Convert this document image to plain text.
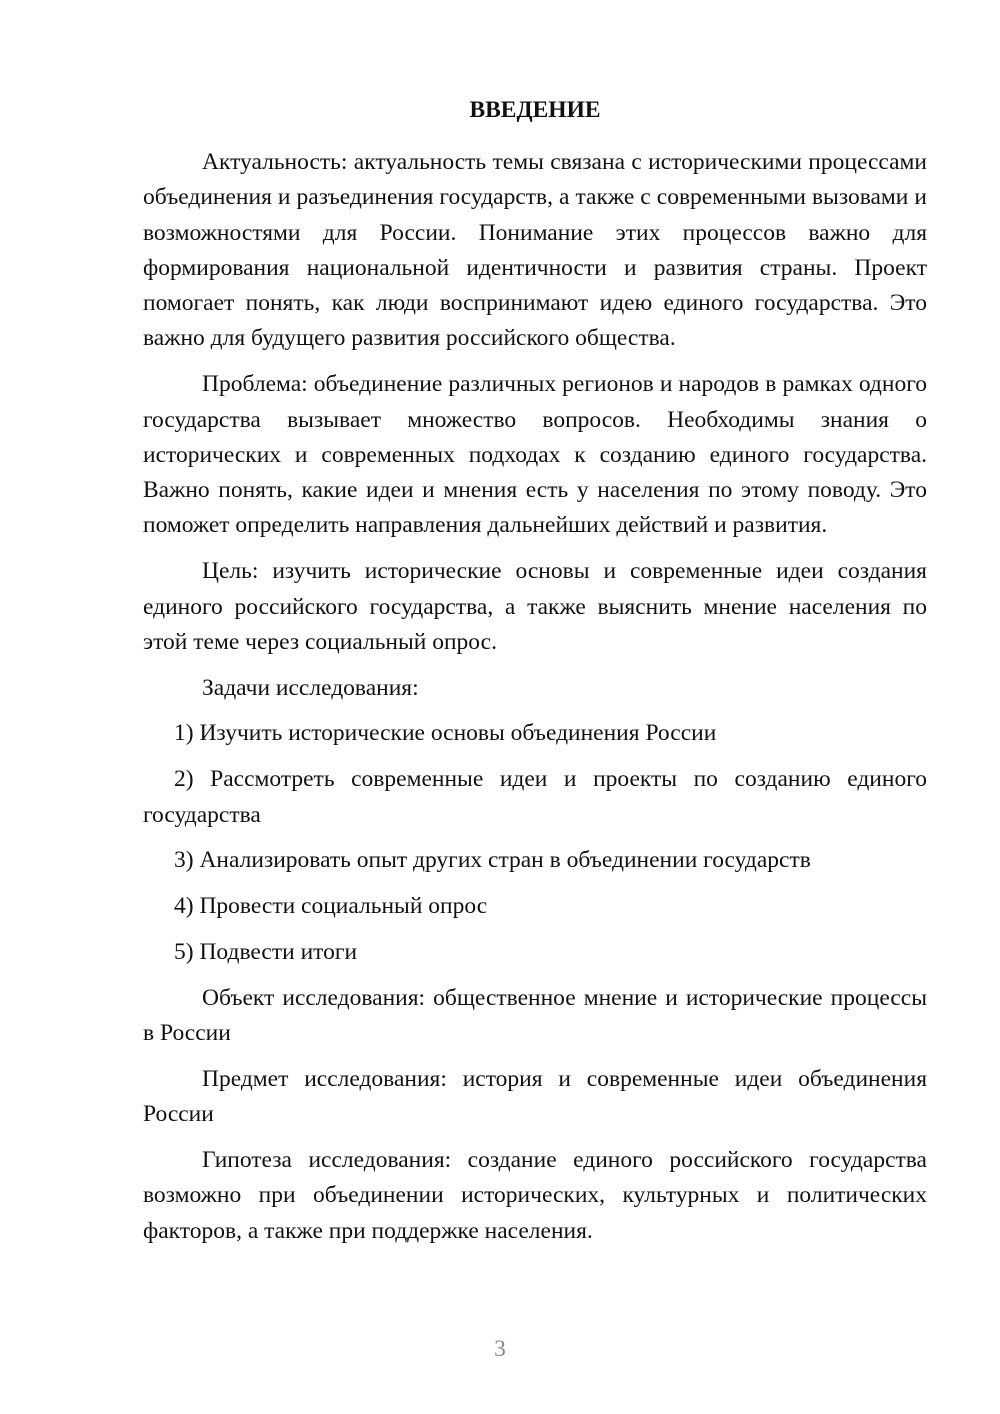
ВВЕДЕНИЕ

Актуальность: актуальность темы связана с историческими процессами объединения и разъединения государств, а также с современными вызовами и возможностями для России. Понимание этих процессов важно для формирования национальной идентичности и развития страны. Проект помогает понять, как люди воспринимают идею единого государства. Это важно для будущего развития российского общества.

Проблема: объединение различных регионов и народов в рамках одного государства вызывает множество вопросов. Необходимы знания о исторических и современных подходах к созданию единого государства. Важно понять, какие идеи и мнения есть у населения по этому поводу. Это поможет определить направления дальнейших действий и развития.

Цель: изучить исторические основы и современные идеи создания единого российского государства, а также выяснить мнение населения по этой теме через социальный опрос.

Задачи исследования:

1) Изучить исторические основы объединения России

2) Рассмотреть современные идеи и проекты по созданию единого государства

3) Анализировать опыт других стран в объединении государств

4) Провести социальный опрос

5) Подвести итоги

Объект исследования: общественное мнение и исторические процессы в России

Предмет исследования: история и современные идеи объединения России

Гипотеза исследования: создание единого российского государства возможно при объединении исторических, культурных и политических факторов, а также при поддержке населения.

3
